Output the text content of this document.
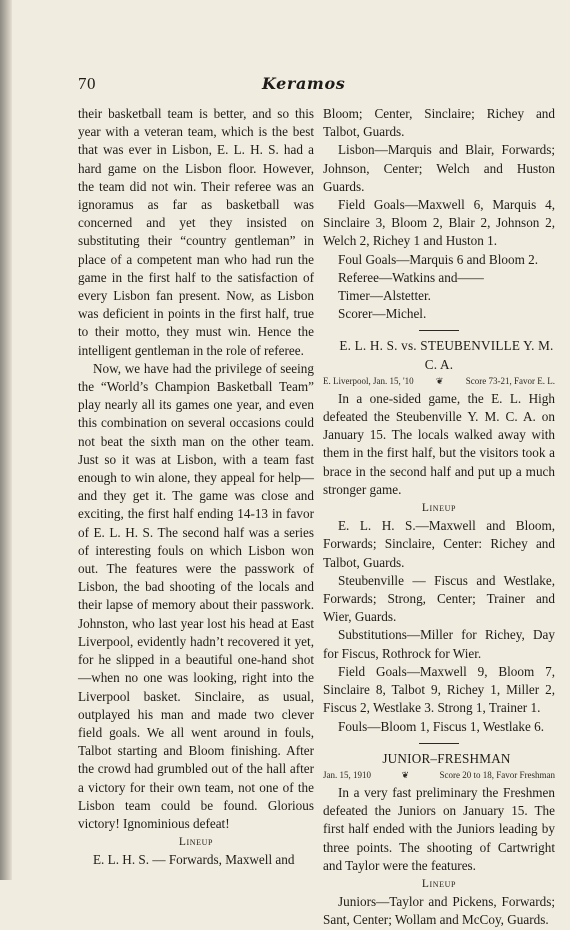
70	Keramos

their basketball team is better, and so this year with a veteran team, which is the best that was ever in Lisbon, E. L. H. S. had a hard game on the Lisbon floor. However, the team did not win. Their referee was an ignoramus as far as basketball was concerned and yet they insisted on substituting their “country gentleman” in place of a competent man who had run the game in the first half to the satisfaction of every Lisbon fan present. Now, as Lisbon was deficient in points in the first half, true to their motto, they must win. Hence the intelligent gentleman in the role of referee.

Now, we have had the privilege of seeing the “World’s Champion Basketball Team” play nearly all its games one year, and even this combination on several occasions could not beat the sixth man on the other team. Just so it was at Lisbon, with a team fast enough to win alone, they appeal for help—and they get it. The game was close and exciting, the first half ending 14-13 in favor of E. L. H. S. The second half was a series of interesting fouls on which Lisbon won out. The features were the passwork of Lisbon, the bad shooting of the locals and their lapse of memory about their passwork. Johnston, who last year lost his head at East Liverpool, evidently hadn’t recovered it yet, for he slipped in a beautiful one-hand shot—when no one was looking, right into the Liverpool basket. Sinclaire, as usual, outplayed his man and made two clever field goals. We all went around in fouls, Talbot starting and Bloom finishing. After the crowd had grumbled out of the hall after a victory for their own team, not one of the Lisbon team could be found. Glorious victory! Ignominious defeat!

Lineup

E. L. H. S. — Forwards, Maxwell and

Bloom; Center, Sinclaire; Richey and Talbot, Guards.

Lisbon—Marquis and Blair, Forwards; Johnson, Center; Welch and Huston Guards.

Field Goals—Maxwell 6, Marquis 4, Sinclaire 3, Bloom 2, Blair 2, Johnson 2, Welch 2, Richey 1 and Huston 1.

Foul Goals—Marquis 6 and Bloom 2.

Referee—Watkins and——

Timer—Alstetter.

Scorer—Michel.

E. L. H. S. vs. STEUBENVILLE Y. M. C. A.

E. Liverpool, Jan. 15, '10 ❦ Score 73-21, Favor E. L.

In a one-sided game, the E. L. High defeated the Steubenville Y. M. C. A. on January 15. The locals walked away with them in the first half, but the visitors took a brace in the second half and put up a much stronger game.

Lineup

E. L. H. S.—Maxwell and Bloom, Forwards; Sinclaire, Center: Richey and Talbot, Guards.

Steubenville — Fiscus and Westlake, Forwards; Strong, Center; Trainer and Wier, Guards.

Substitutions—Miller for Richey, Day for Fiscus, Rothrock for Wier.

Field Goals—Maxwell 9, Bloom 7, Sinclaire 8, Talbot 9, Richey 1, Miller 2, Fiscus 2, Westlake 3. Strong 1, Trainer 1.

Fouls—Bloom 1, Fiscus 1, Westlake 6.

JUNIOR–FRESHMAN

Jan. 15, 1910	❦	Score 20 to 18, Favor Freshman

In a very fast preliminary the Freshmen defeated the Juniors on January 15. The first half ended with the Juniors leading by three points. The shooting of Cartwright and Taylor were the features.

Lineup

Juniors—Taylor and Pickens, Forwards; Sant, Center; Wollam and McCoy, Guards.
